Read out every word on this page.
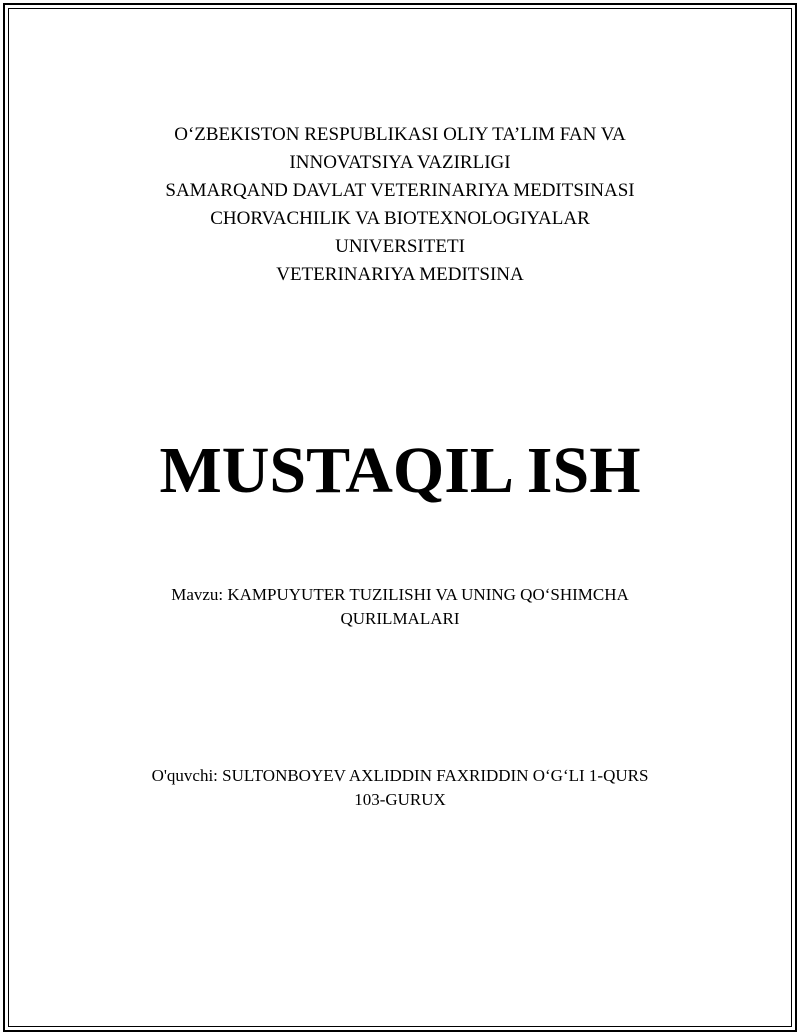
O‘ZBEKISTON RESPUBLIKASI OLIY TA’LIM FAN VA
INNOVATSIYA VAZIRLIGI
SAMARQAND DAVLAT VETERINARIYA MEDITSINASI
CHORVACHILIK VA BIOTEXNOLOGIYALAR
UNIVERSITETI
VETERINARIYA MEDITSINA
MUSTAQIL ISH
Mavzu: KAMPUYUTER TUZILISHI VA UNING QO‘SHIMCHA
QURILMALARI
O'quvchi: SULTONBOYEV AXLIDDIN FAXRIDDIN O‘G‘LI 1-QURS
103-GURUX
